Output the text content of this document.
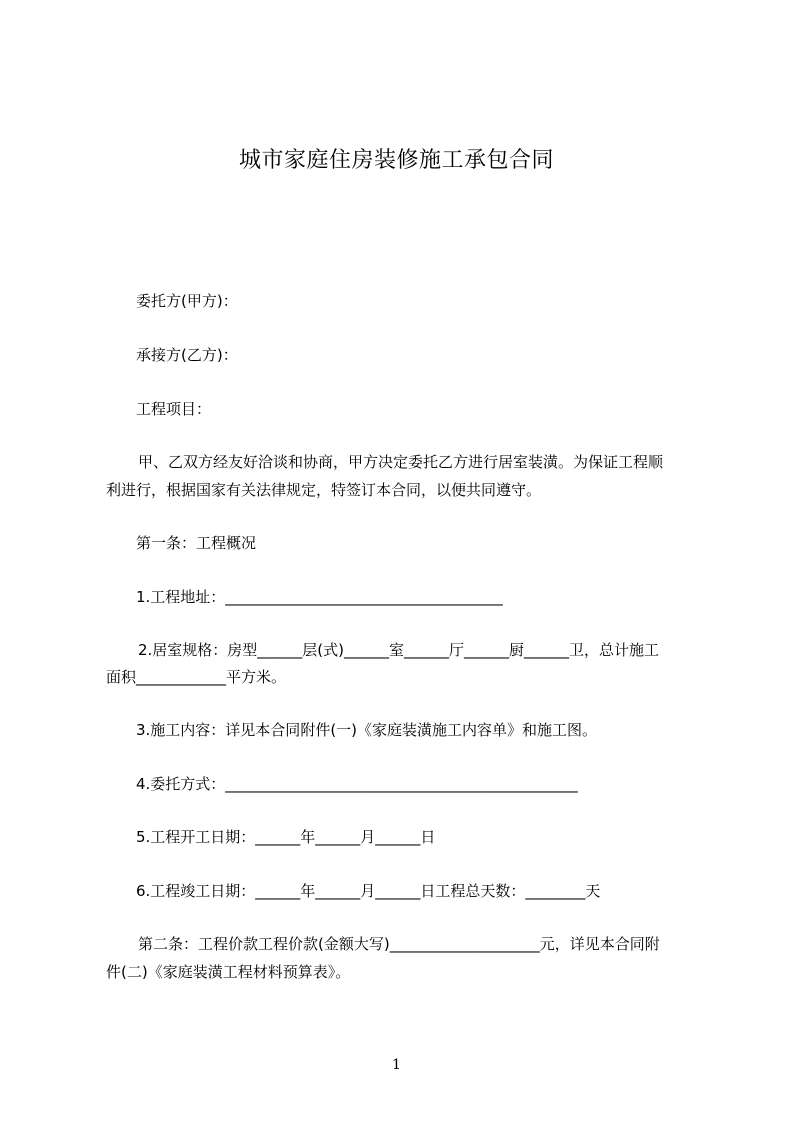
城市家庭住房装修施工承包合同
委托方(甲方)：
承接方(乙方)：
工程项目：
甲、乙双方经友好洽谈和协商，甲方决定委托乙方进行居室装潢。为保证工程顺
利进行，根据国家有关法律规定，特签订本合同，以便共同遵守。
第一条：工程概况
1.工程地址：_____________________________________
2.居室规格：房型______层(式)______室______厅______厨______卫，总计施工
面积____________平方米。
3.施工内容：详见本合同附件(一)《家庭装潢施工内容单》和施工图。
4.委托方式：_______________________________________________
5.工程开工日期：______年______月______日
6.工程竣工日期：______年______月______日工程总天数：________天
第二条：工程价款工程价款(金额大写)____________________元，详见本合同附
件(二)《家庭装潢工程材料预算表》。
1
